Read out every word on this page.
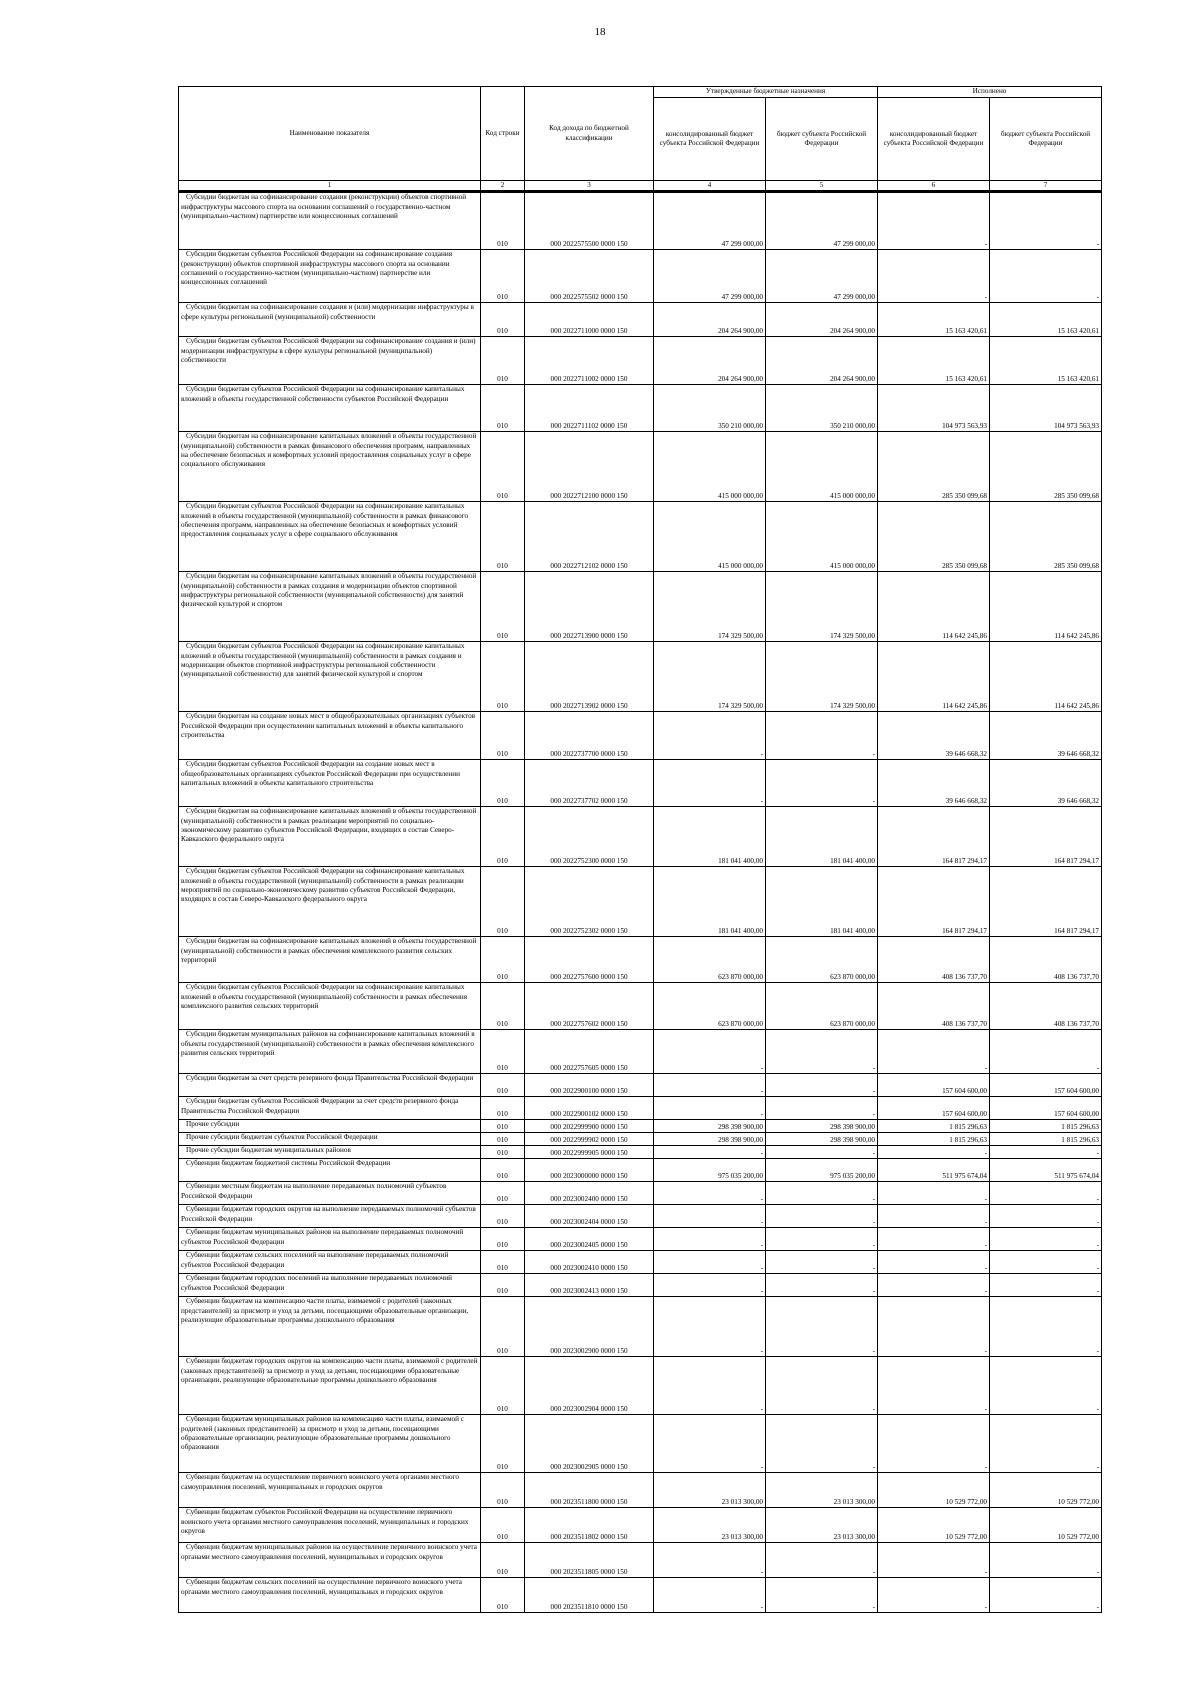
18
Наименование показателя	Код строки	Код дохода по бюджетной классификации	Утвержденные бюджетные назначения		Исполнено	
			консолидированный бюджет субъекта Российской Федерации	бюджет субъекта Российской Федерации	консолидированный бюджет субъекта Российской Федерации	бюджет субъекта Российской Федерации
1	2	3	4	5	6	7
Субсидии бюджетам на софинансирование создания (реконструкции) объектов спортивной инфраструктуры массового спорта на основании соглашений о государственно-частном (муниципально-частном) партнерстве или концессионных соглашений	010	000 2022575500 0000 150	47 299 000,00	47 299 000,00	-	-
Субсидии бюджетам субъектов Российской Федерации на софинансирование создания (реконструкции) объектов спортивной инфраструктуры массового спорта на основании соглашений о государственно-частном (муниципально-частном) партнерстве или концессионных соглашений	010	000 2022575502 0000 150	47 299 000,00	47 299 000,00	-	-
Субсидии бюджетам на софинансирование создания и (или) модернизации инфраструктуры в сфере культуры региональной (муниципальной) собственности	010	000 2022711000 0000 150	204 264 900,00	204 264 900,00	15 163 420,61	15 163 420,61
Субсидии бюджетам субъектов Российской Федерации на софинансирование создания и (или) модернизации инфраструктуры в сфере культуры региональной (муниципальной) собственности	010	000 2022711002 0000 150	204 264 900,00	204 264 900,00	15 163 420,61	15 163 420,61
Субсидии бюджетам субъектов Российской Федерации на софинансирование капитальных вложений в объекты государственной собственности субъектов Российской Федерации	010	000 2022711102 0000 150	350 210 000,00	350 210 000,00	104 973 563,93	104 973 563,93
Субсидии бюджетам на софинансирование капитальных вложений в объекты государственной (муниципальной) собственности в рамках финансового обеспечения программ, направленных на обеспечение безопасных и комфортных условий предоставления социальных услуг в сфере социального обслуживания	010	000 2022712100 0000 150	415 000 000,00	415 000 000,00	285 350 099,68	285 350 099,68
Субсидии бюджетам субъектов Российской Федерации на софинансирование капитальных вложений в объекты государственной (муниципальной) собственности в рамках финансового обеспечения программ, направленных на обеспечение безопасных и комфортных условий предоставления социальных услуг в сфере социального обслуживания	010	000 2022712102 0000 150	415 000 000,00	415 000 000,00	285 350 099,68	285 350 099,68
Субсидии бюджетам на софинансирование капитальных вложений в объекты государственной (муниципальной) собственности в рамках создания и модернизации объектов спортивной инфраструктуры региональной собственности (муниципальной собственности) для занятий физической культурой и спортом	010	000 2022713900 0000 150	174 329 500,00	174 329 500,00	114 642 245,86	114 642 245,86
Субсидии бюджетам субъектов Российской Федерации на софинансирование капитальных вложений в объекты государственной (муниципальной) собственности в рамках создания и модернизации объектов спортивной инфраструктуры региональной собственности (муниципальной собственности) для занятий физической культурой и спортом	010	000 2022713902 0000 150	174 329 500,00	174 329 500,00	114 642 245,86	114 642 245,86
Субсидии бюджетам на создание новых мест в общеобразовательных организациях субъектов Российской Федерации при осуществлении капитальных вложений в объекты капитального строительства	010	000 2022737700 0000 150	-	-	39 646 668,32	39 646 668,32
Субсидии бюджетам субъектов Российской Федерации на создание новых мест в общеобразовательных организациях субъектов Российской Федерации при осуществлении капитальных вложений в объекты капитального строительства	010	000 2022737702 0000 150	-	-	39 646 668,32	39 646 668,32
Субсидии бюджетам на софинансирование капитальных вложений в объекты государственной (муниципальной) собственности в рамках реализации мероприятий по социально-экономическому развитию субъектов Российской Федерации, входящих в состав Северо-Кавказского федерального округа	010	000 2022752300 0000 150	181 041 400,00	181 041 400,00	164 817 294,17	164 817 294,17
Субсидии бюджетам субъектов Российской Федерации на софинансирование капитальных вложений в объекты государственной (муниципальной) собственности в рамках реализации мероприятий по социально-экономическому развитию субъектов Российской Федерации, входящих в состав Северо-Кавказского федерального округа	010	000 2022752302 0000 150	181 041 400,00	181 041 400,00	164 817 294,17	164 817 294,17
Субсидии бюджетам на софинансирование капитальных вложений в объекты государственной (муниципальной) собственности в рамках обеспечения комплексного развития сельских территорий	010	000 2022757600 0000 150	623 870 000,00	623 870 000,00	408 136 737,70	408 136 737,70
Субсидии бюджетам субъектов Российской Федерации на софинансирование капитальных вложений в объекты государственной (муниципальной) собственности в рамках обеспечения комплексного развития сельских территорий	010	000 2022757602 0000 150	623 870 000,00	623 870 000,00	408 136 737,70	408 136 737,70
Субсидии бюджетам муниципальных районов на софинансирование капитальных вложений в объекты государственной (муниципальной) собственности в рамках обеспечения комплексного развития сельских территорий	010	000 2022757605 0000 150	-	-	-	-
Субсидии бюджетам за счет средств резервного фонда Правительства Российской Федерации	010	000 2022900100 0000 150	-	-	157 604 600,00	157 604 600,00
Субсидии бюджетам субъектов Российской Федерации за счет средств резервного фонда Правительства Российской Федерации	010	000 2022900102 0000 150	-	-	157 604 600,00	157 604 600,00
Прочие субсидии	010	000 2022999900 0000 150	298 398 900,00	298 398 900,00	1 815 296,63	1 815 296,63
Прочие субсидии бюджетам субъектов Российской Федерации	010	000 2022999902 0000 150	298 398 900,00	298 398 900,00	1 815 296,63	1 815 296,63
Прочие субсидии бюджетам муниципальных районов	010	000 2022999905 0000 150	-	-	-	-
Субвенции бюджетам бюджетной системы Российской Федерации	010	000 2023000000 0000 150	975 035 200,00	975 035 200,00	511 975 674,04	511 975 674,04
Субвенции местным бюджетам на выполнение передаваемых полномочий субъектов Российской Федерации	010	000 2023002400 0000 150	-	-	-	-
Субвенции бюджетам городских округов на выполнение передаваемых полномочий субъектов Российской Федерации	010	000 2023002404 0000 150	-	-	-	-
Субвенции бюджетам муниципальных районов на выполнение передаваемых полномочий субъектов Российской Федерации	010	000 2023002405 0000 150	-	-	-	-
Субвенции бюджетам сельских поселений на выполнение передаваемых полномочий субъектов Российской Федерации	010	000 2023002410 0000 150	-	-	-	-
Субвенции бюджетам городских поселений на выполнение передаваемых полномочий субъектов Российской Федерации	010	000 2023002413 0000 150	-	-	-	-
Субвенции бюджетам на компенсацию части платы, взимаемой с родителей (законных представителей) за присмотр и уход за детьми, посещающими образовательные организации, реализующие образовательные программы дошкольного образования	010	000 2023002900 0000 150	-	-	-	-
Субвенции бюджетам городских округов на компенсацию части платы, взимаемой с родителей (законных представителей) за присмотр и уход за детьми, посещающими образовательные организации, реализующие образовательные программы дошкольного образования	010	000 2023002904 0000 150	-	-	-	-
Субвенции бюджетам муниципальных районов на компенсацию части платы, взимаемой с родителей (законных представителей) за присмотр и уход за детьми, посещающими образовательные организации, реализующие образовательные программы дошкольного образования	010	000 2023002905 0000 150	-	-	-	-
Субвенции бюджетам на осуществление первичного воинского учета органами местного самоуправления поселений, муниципальных и городских округов	010	000 2023511800 0000 150	23 013 300,00	23 013 300,00	10 529 772,00	10 529 772,00
Субвенции бюджетам субъектов Российской Федерации на осуществление первичного воинского учета органами местного самоуправления поселений, муниципальных и городских округов	010	000 2023511802 0000 150	23 013 300,00	23 013 300,00	10 529 772,00	10 529 772,00
Субвенции бюджетам муниципальных районов на осуществление первичного воинского учета органами местного самоуправления поселений, муниципальных и городских округов	010	000 2023511805 0000 150	-	-	-	-
Субвенции бюджетам сельских поселений на осуществление первичного воинского учета органами местного самоуправления поселений, муниципальных и городских округов	010	000 2023511810 0000 150	-	-	-	-
